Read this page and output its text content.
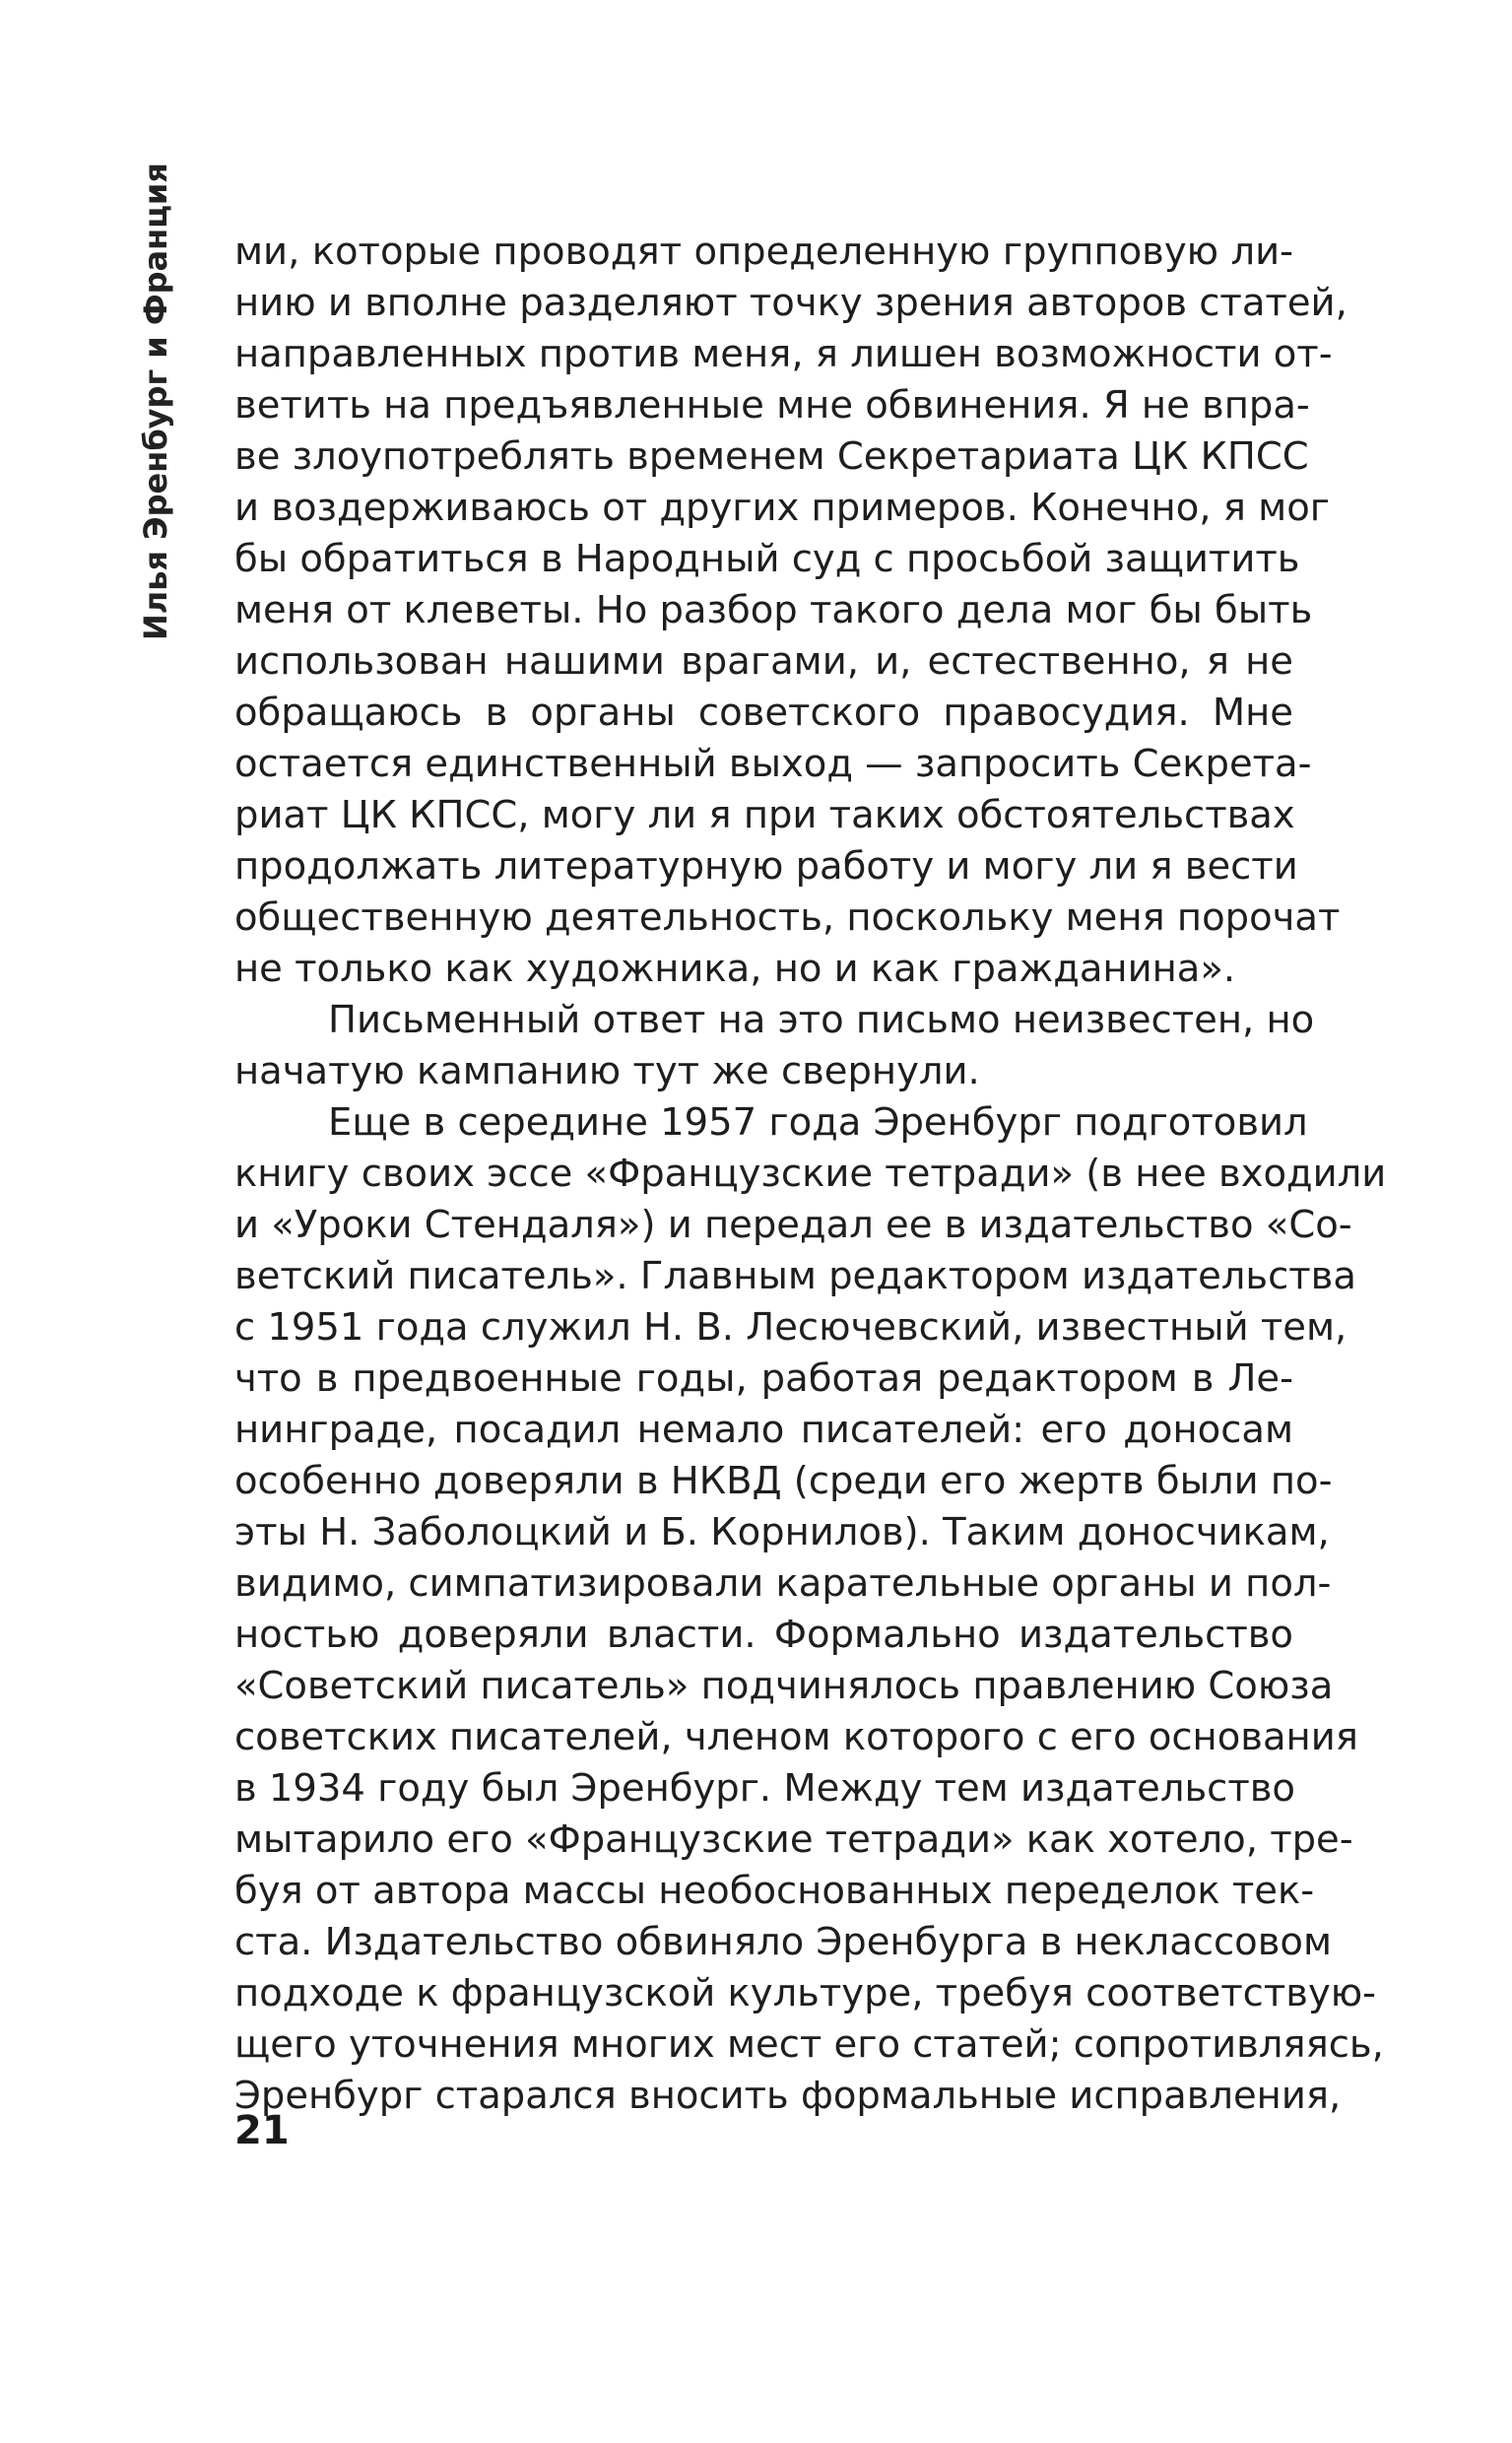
Илья Эренбург и Франция ми, которые проводят определенную групповую ли-
нию и вполне разделяют точку зрения авторов статей,
направленных против меня, я лишен возможности от-
ветить на предъявленные мне обвинения. Я не впра-
ве злоупотреблять временем Секретариата ЦК КПСС
и воздерживаюсь от других примеров. Конечно, я мог
бы обратиться в Народный суд с просьбой защитить
меня от клеветы. Но разбор такого дела мог бы быть
использован нашими врагами, и, естественно, я не
обращаюсь в органы советского правосудия. Мне
остается единственный выход — запросить Секрета-
риат ЦК КПСС, могу ли я при таких обстоятельствах
продолжать литературную работу и могу ли я вести
общественную деятельность, поскольку меня порочат
не только как художника, но и как гражданина».
Письменный ответ на это письмо неизвестен, но
начатую кампанию тут же свернули.
Еще в середине 1957 года Эренбург подготовил
книгу своих эссе «Французские тетради» (в нее входили
и «Уроки Стендаля») и передал ее в издательство «Со-
ветский писатель». Главным редактором издательства
с 1951 года служил Н. В. Лесючевский, известный тем,
что в предвоенные годы, работая редактором в Ле-
нинграде, посадил немало писателей: его доносам
особенно доверяли в НКВД (среди его жертв были по-
эты Н. Заболоцкий и Б. Корнилов). Таким доносчикам,
видимо, симпатизировали карательные органы и пол-
ностью доверяли власти. Формально издательство
«Советский писатель» подчинялось правлению Союза
советских писателей, членом которого с его основания
в 1934 году был Эренбург. Между тем издательство
мытарило его «Французские тетради» как хотело, тре-
буя от автора массы необоснованных переделок тек-
ста. Издательство обвиняло Эренбурга в неклассовом
подходе к французской культуре, требуя соответствую-
щего уточнения многих мест его статей; сопротивляясь,
Эренбург старался вносить формальные исправления,
21
